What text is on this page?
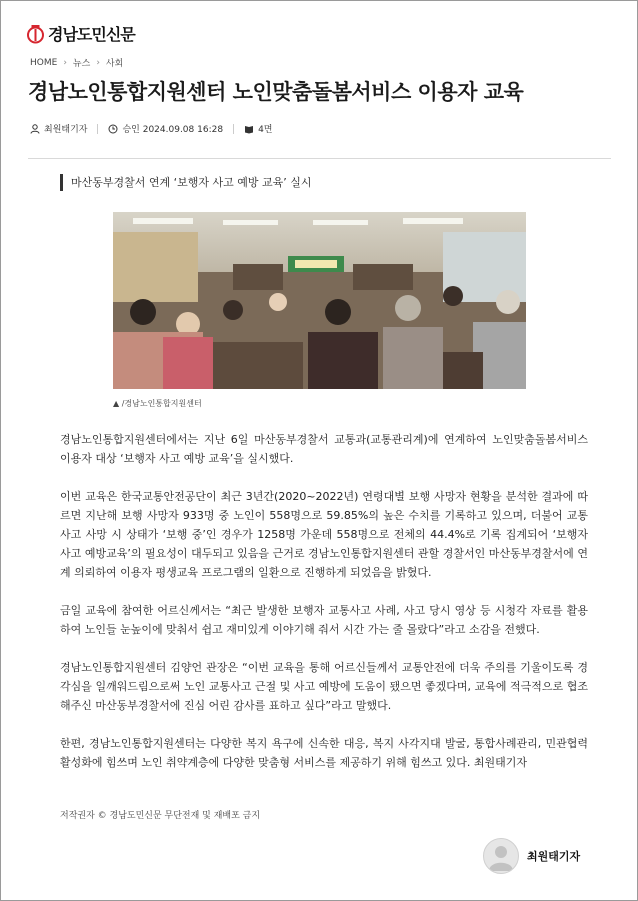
경남도민신문
HOME › 뉴스 › 사회
경남노인통합지원센터 노인맞춤돌봄서비스 이용자 교육
최원태기자	승인 2024.09.08 16:28	4면
마산동부경찰서 연계 ‘보행자 사고 예방 교육’ 실시
▲ /경남노인통합지원센터

경남노인통합지원센터에서는 지난 6일 마산동부경찰서 교통과(교통관리계)에 연계하여 노인맞춤돌봄서비스 이용자 대상 ‘보행자 사고 예방 교육’을 실시했다.

이번 교육은 한국교통안전공단이 최근 3년간(2020~2022년) 연령대별 보행 사망자 현황을 분석한 결과에 따르면 지난해 보행 사망자 933명 중 노인이 558명으로 59.85%의 높은 수치를 기록하고 있으며, 더불어 교통사고 사망 시 상태가 ‘보행 중’인 경우가 1258명 가운데 558명으로 전체의 44.4%로 기록 집계되어 ‘보행자 사고 예방교육’의 필요성이 대두되고 있음을 근거로 경남노인통합지원센터 관할 경찰서인 마산동부경찰서에 연계 의뢰하여 이용자 평생교육 프로그램의 일환으로 진행하게 되었음을 밝혔다.

금일 교육에 참여한 어르신께서는 “최근 발생한 보행자 교통사고 사례, 사고 당시 영상 등 시청각 자료를 활용하여 노인들 눈높이에 맞춰서 쉽고 재미있게 이야기해 줘서 시간 가는 줄 몰랐다”라고 소감을 전했다.

경남노인통합지원센터 김양언 관장은 “이번 교육을 통해 어르신들께서 교통안전에 더욱 주의를 기울이도록 경각심을 일깨워드림으로써 노인 교통사고 근절 및 사고 예방에 도움이 됐으면 좋겠다며, 교육에 적극적으로 협조해주신 마산동부경찰서에 진심 어린 감사를 표하고 싶다”라고 말했다.

한편, 경남노인통합지원센터는 다양한 복지 욕구에 신속한 대응, 복지 사각지대 발굴, 통합사례관리, 민관협력 활성화에 힘쓰며 노인 취약계층에 다양한 맞춤형 서비스를 제공하기 위해 힘쓰고 있다. 최원태기자

저작권자 © 경남도민신문 무단전재 및 재배포 금지
최원태기자
